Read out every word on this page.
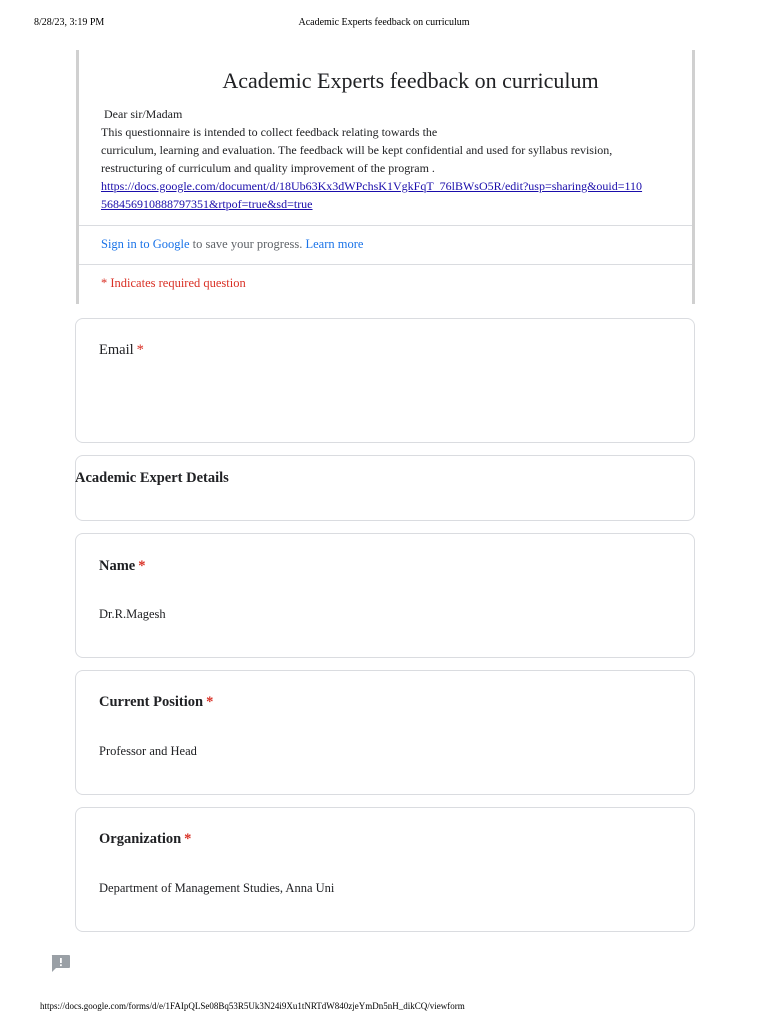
8/28/23, 3:19 PM	Academic Experts feedback on curriculum
Academic Experts feedback on curriculum
Dear sir/Madam
This questionnaire is intended to collect feedback relating towards the
curriculum, learning and evaluation. The feedback will be kept confidential and used for syllabus revision,
restructuring of curriculum and quality improvement of the program .
https://docs.google.com/document/d/18Ub63Kx3dWPchsK1VgkFqT_76lBWsO5R/edit?usp=sharing&ouid=110568456910888797351&rtpof=true&sd=true
Sign in to Google to save your progress. Learn more
* Indicates required question
Email *
Academic Expert Details
Name *
Dr.R.Magesh
Current Position *
Professor and Head
Organization *
Department of Management Studies, Anna Uni
https://docs.google.com/forms/d/e/1FAIpQLSe08Bq53R5Uk3N24i9Xu1tNRTdW840zjeYmDn5nH_dikCQ/viewform
